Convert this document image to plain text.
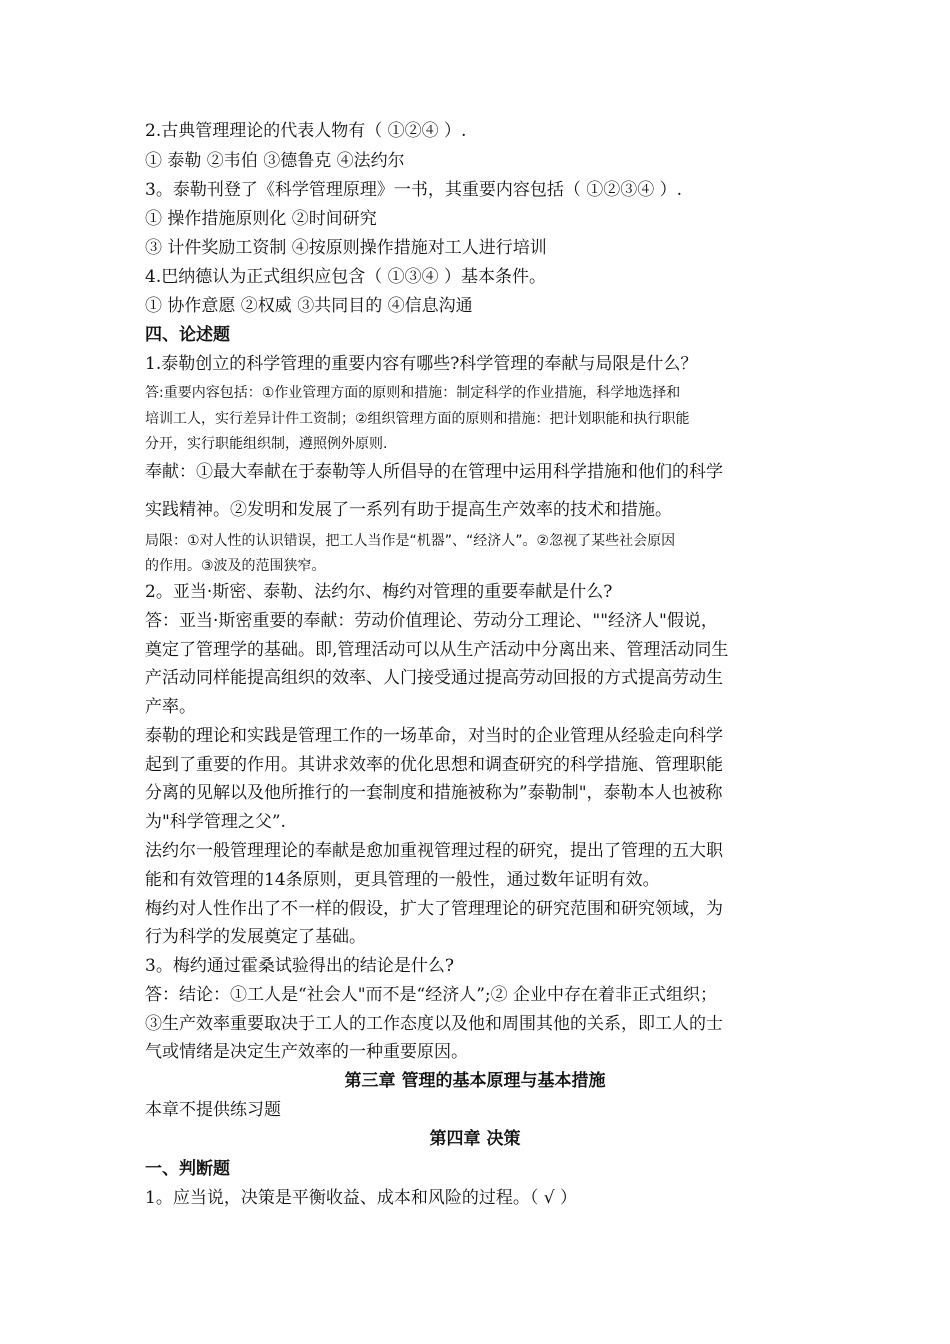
2.古典管理理论的代表人物有（ ①②④ ）.
① 泰勒 ②韦伯 ③德鲁克 ④法约尔
3。泰勒刊登了《科学管理原理》一书，其重要内容包括（ ①②③④ ）.
① 操作措施原则化 ②时间研究
③ 计件奖励工资制 ④按原则操作措施对工人进行培训
4.巴纳德认为正式组织应包含（ ①③④ ）基本条件。
① 协作意愿 ②权威 ③共同目的 ④信息沟通
四、论述题
1.泰勒创立的科学管理的重要内容有哪些?科学管理的奉献与局限是什么？
答:重要内容包括：①作业管理方面的原则和措施：制定科学的作业措施，科学地选择和
培训工人，实行差异计件工资制；②组织管理方面的原则和措施：把计划职能和执行职能
分开，实行职能组织制，遵照例外原则.
奉献：①最大奉献在于泰勒等人所倡导的在管理中运用科学措施和他们的科学
实践精神。②发明和发展了一系列有助于提高生产效率的技术和措施。
局限：①对人性的认识错误，把工人当作是“机器”、“经济人”。②忽视了某些社会原因
的作用。③波及的范围狭窄。
2。亚当·斯密、泰勒、法约尔、梅约对管理的重要奉献是什么?
答：亚当·斯密重要的奉献：劳动价值理论、劳动分工理论、""经济人"假说，
奠定了管理学的基础。即,管理活动可以从生产活动中分离出来、管理活动同生
产活动同样能提高组织的效率、人门接受通过提高劳动回报的方式提高劳动生
产率。
泰勒的理论和实践是管理工作的一场革命，对当时的企业管理从经验走向科学
起到了重要的作用。其讲求效率的优化思想和调查研究的科学措施、管理职能
分离的见解以及他所推行的一套制度和措施被称为”泰勒制"，泰勒本人也被称
为"科学管理之父”.
法约尔一般管理理论的奉献是愈加重视管理过程的研究，提出了管理的五大职
能和有效管理的14条原则，更具管理的一般性，通过数年证明有效。
梅约对人性作出了不一样的假设，扩大了管理理论的研究范围和研究领域，为
行为科学的发展奠定了基础。
3。梅约通过霍桑试验得出的结论是什么?
答：结论：①工人是“社会人"而不是“经济人”;② 企业中存在着非正式组织；
③生产效率重要取决于工人的工作态度以及他和周围其他的关系，即工人的士
气或情绪是决定生产效率的一种重要原因。
第三章 管理的基本原理与基本措施
本章不提供练习题
第四章 决策
一、判断题
1。应当说，决策是平衡收益、成本和风险的过程。（ √ ）
